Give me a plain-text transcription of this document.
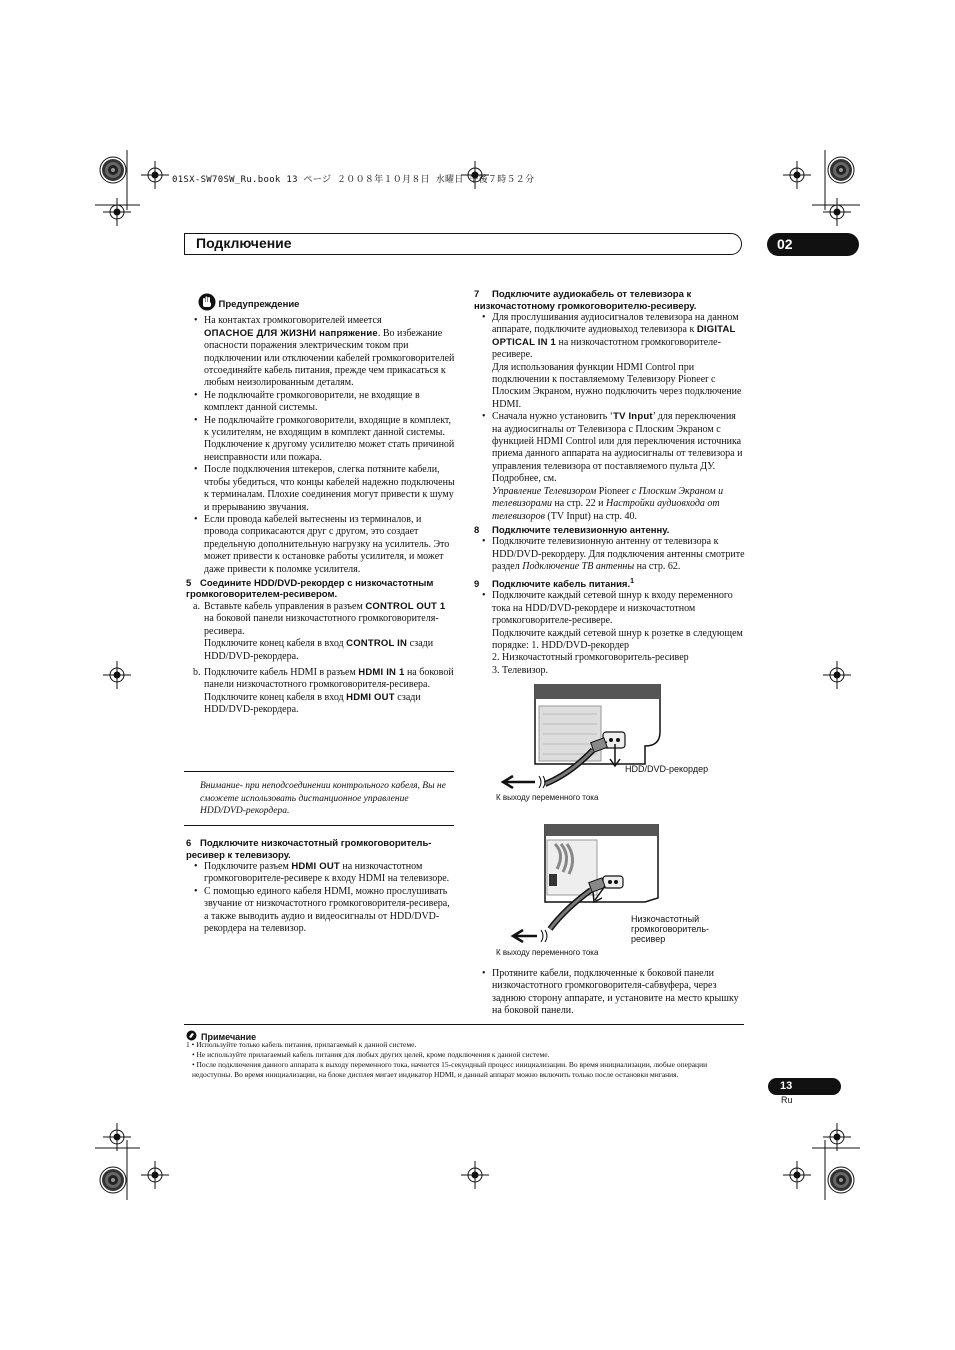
01SX-SW70SW_Ru.book 13 ページ ２００８年１０月８日 水曜日 午後７時５２分
Подключение	02

Предупреждение

• На контактах громкоговорителей имеется
ОПАСНОЕ ДЛЯ ЖИЗНИ напряжение. Во избежание опасности поражения электрическим током при подключении или отключении кабелей громкоговорителей отсоединяйте кабель питания, прежде чем прикасаться к любым неизолированным деталям.

• Не подключайте громкоговорители, не входящие в комплект данной системы.

• Не подключайте громкоговорители, входящие в комплект, к усилителям, не входящим в комплект данной системы. Подключение к другому усилителю может стать причиной неисправности или пожара.

• После подключения штекеров, слегка потяните кабели, чтобы убедиться, что концы кабелей надежно подключены к терминалам. Плохие соединения могут привести к шуму и прерыванию звучания.

• Если провода кабелей вытеснены из терминалов, и провода соприкасаются друг с другом, это создает предельную дополнительную нагрузку на усилитель. Это может привести к остановке работы усилителя, и может даже привести к поломке усилителя.

5 Соедините HDD/DVD-рекордер с низкочастотным громкоговорителем-ресивером.

a. Вставьте кабель управления в разъем CONTROL OUT 1 на боковой панели низкочастотного громкоговорителя-ресивера.
Подключите конец кабеля в вход CONTROL IN сзади HDD/DVD-рекордера.

b. Подключите кабель HDMI в разъем HDMI IN 1 на боковой панели низкочастотного громкоговорителя-ресивера.
Подключите конец кабеля в вход HDMI OUT сзади HDD/DVD-рекордера.

Внимание- при неподсоединении контрольного кабеля, Вы не сможете использовать дистанционное управление HDD/DVD-рекордера.

6 Подключите низкочастотный громкоговоритель-ресивер к телевизору.

• Подключите разъем HDMI OUT на низкочастотном громкоговорителе-ресивере к входу HDMI на телевизоре.

• С помощью единого кабеля HDMI, можно прослушивать звучание от низкочастотного громкоговорителя-ресивера, а также выводить аудио и видеосигналы от HDD/DVD-рекордера на телевизор.

7 Подключите аудиокабель от телевизора к низкочастотному громкоговорителю-ресиверу.

• Для прослушивания аудиосигналов телевизора на данном аппарате, подключите аудиовыход телевизора к DIGITAL OPTICAL IN 1 на низкочастотном громкоговорителе-ресивере.
Для использования функции HDMI Control при подключении к поставляемому Телевизору Pioneer с Плоским Экраном, нужно подключить через подключение HDMI.

• Сначала нужно установить ‘TV Input’ для переключения на аудиосигналы от Телевизора с Плоским Экраном с функцией HDMI Control или для переключения источника приема данного аппарата на аудиосигналы от телевизора и управления телевизора от поставляемого пульта ДУ. Подробнее, см.
Управление Телевизором Pioneer с Плоским Экраном и телевизорами на стр. 22 и Настройки аудиовхода от телевизоров (TV Input) на стр. 40.

8 Подключите телевизионную антенну.

• Подключите телевизионную антенну от телевизора к HDD/DVD-рекордеру. Для подключения антенны смотрите раздел Подключение ТВ антенны на стр. 62.

9 Подключите кабель питания.$^1$

• Подключите каждый сетевой шнур к входу переменного тока на HDD/DVD-рекордере и низкочастотном громкоговорителе-ресивере.
Подключите каждый сетевой шнур к розетке в следующем порядке: 1. HDD/DVD-рекордер
2. Низкочастотный громкоговоритель-ресивер
3. Телевизор.

HDD/DVD-рекордер
К выходу переменного тока
Низкочастотный
громкоговоритель-
ресивер
К выходу переменного тока

• Протяните кабели, подключенные к боковой панели низкочастотного громкоговорителя-сабвуфера, через заднюю сторону аппарате, и установите на место крышку на боковой панели.

Примечание
1 • Используйте только кабель питания, прилагаемый к данной системе.
• Не используйте прилагаемый кабель питания для любых других целей, кроме подключения к данной системе.
• После подключения данного аппарата к выходу переменного тока, начнется 15-секундный процесс инициализации. Во время инициализации, любые операции недоступны. Во время инициализации, на блоке дисплея мигает индикатор HDMI, и данный аппарат можно включить только после остановки мигания.
13
Ru
